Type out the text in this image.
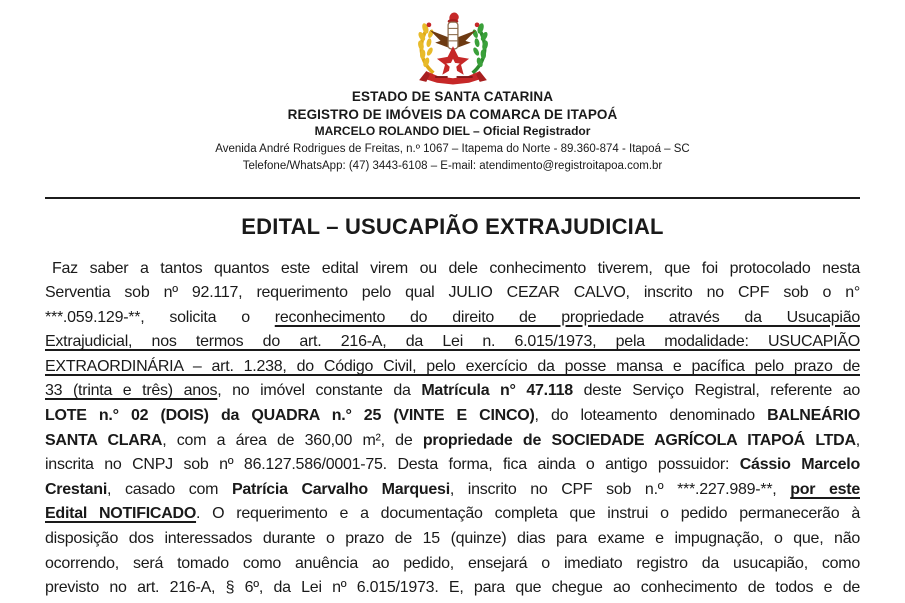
ESTADO DE SANTA CATARINA
REGISTRO DE IMÓVEIS DA COMARCA DE ITAPOÁ
MARCELO ROLANDO DIEL – Oficial Registrador
Avenida André Rodrigues de Freitas, n.º 1067 – Itapema do Norte - 89.360-874 - Itapoá – SC
Telefone/WhatsApp: (47) 3443-6108 – E-mail: atendimento@registroitapoa.com.br
EDITAL – USUCAPIÃO EXTRAJUDICIAL
Faz saber a tantos quantos este edital virem ou dele conhecimento tiverem, que foi protocolado nesta
Serventia sob nº 92.117, requerimento pelo qual JULIO CEZAR CALVO, inscrito no CPF sob o n°
***.059.129-**, solicita o reconhecimento do direito de propriedade através da Usucapião
Extrajudicial, nos termos do art. 216-A, da Lei n. 6.015/1973, pela modalidade: USUCAPIÃO
EXTRAORDINÁRIA – art. 1.238, do Código Civil, pelo exercício da posse mansa e pacífica pelo prazo de
33 (trinta e três) anos, no imóvel constante da Matrícula n° 47.118 deste Serviço Registral, referente ao
LOTE n.° 02 (DOIS) da QUADRA n.° 25 (VINTE E CINCO), do loteamento denominado BALNEÁRIO
SANTA CLARA, com a área de 360,00 m², de propriedade de SOCIEDADE AGRÍCOLA ITAPOÁ LTDA,
inscrita no CNPJ sob nº 86.127.586/0001-75. Desta forma, fica ainda o antigo possuidor: Cássio Marcelo
Crestani, casado com Patrícia Carvalho Marquesi, inscrito no CPF sob n.º ***.227.989-**, por este
Edital NOTIFICADO. O requerimento e a documentação completa que instrui o pedido permanecerão à
disposição dos interessados durante o prazo de 15 (quinze) dias para exame e impugnação, o que, não
ocorrendo, será tomado como anuência ao pedido, ensejará o imediato registro da usucapião, como
previsto no art. 216-A, § 6º, da Lei nº 6.015/1973. E, para que chegue ao conhecimento de todos e de
